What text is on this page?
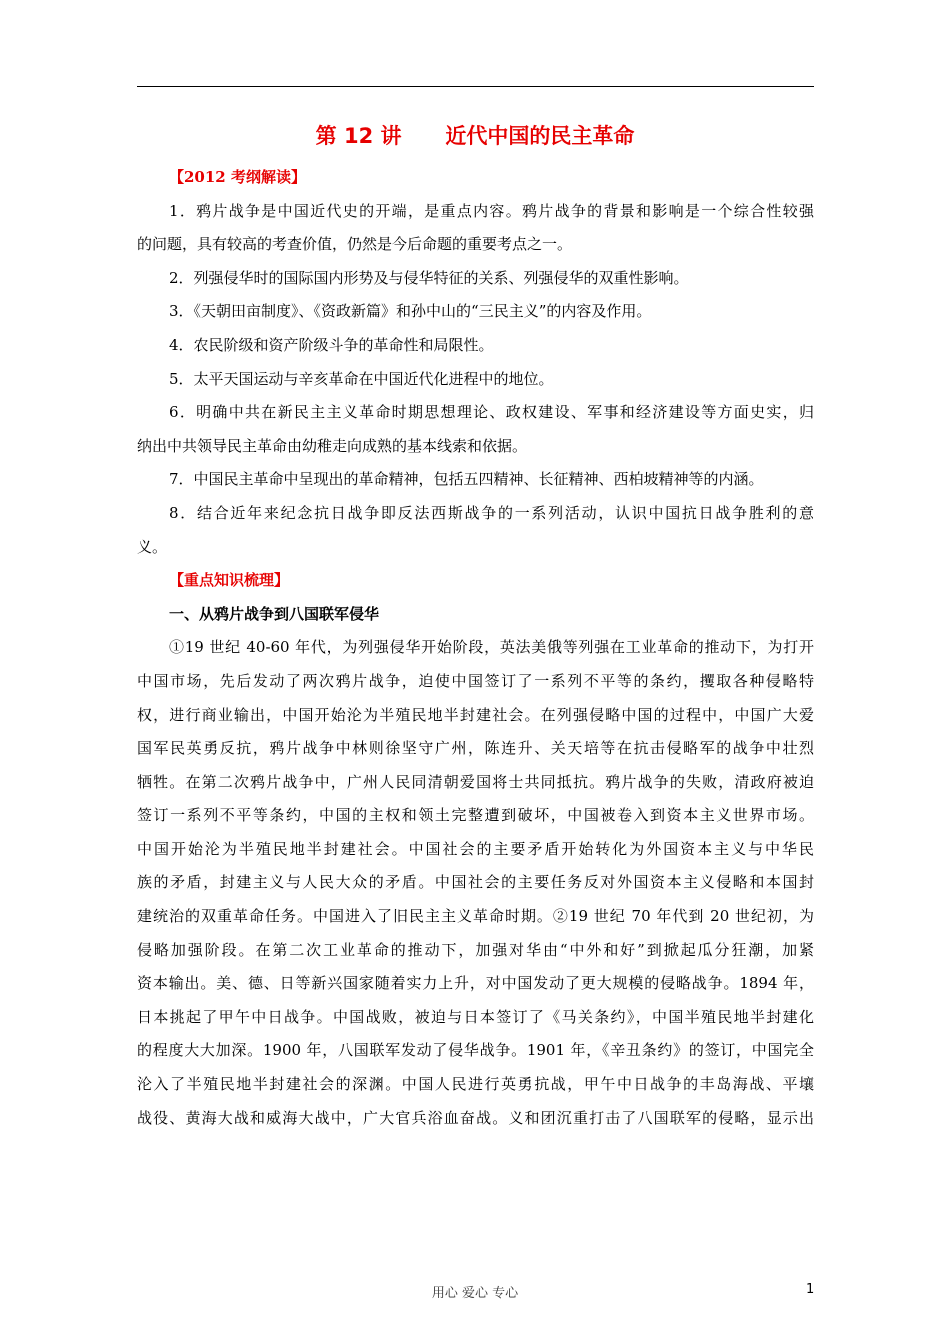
第 12 讲      近代中国的民主革命
【2012 考纲解读】
1．鸦片战争是中国近代史的开端，是重点内容。鸦片战争的背景和影响是一个综合性较强
的问题，具有较高的考查价值，仍然是今后命题的重要考点之一。
2．列强侵华时的国际国内形势及与侵华特征的关系、列强侵华的双重性影响。
3．《天朝田亩制度》、《资政新篇》和孙中山的“三民主义”的内容及作用。
4．农民阶级和资产阶级斗争的革命性和局限性。
5．太平天国运动与辛亥革命在中国近代化进程中的地位。
6．明确中共在新民主主义革命时期思想理论、政权建设、军事和经济建设等方面史实，归
纳出中共领导民主革命由幼稚走向成熟的基本线索和依据。
7．中国民主革命中呈现出的革命精神，包括五四精神、长征精神、西柏坡精神等的内涵。
8．结合近年来纪念抗日战争即反法西斯战争的一系列活动，认识中国抗日战争胜利的意
义。
【重点知识梳理】
一、从鸦片战争到八国联军侵华
①19 世纪 40-60 年代，为列强侵华开始阶段，英法美俄等列强在工业革命的推动下，为打开
中国市场，先后发动了两次鸦片战争，迫使中国签订了一系列不平等的条约，攫取各种侵略特
权，进行商业输出，中国开始沦为半殖民地半封建社会。在列强侵略中国的过程中，中国广大爱
国军民英勇反抗，鸦片战争中林则徐坚守广州，陈连升、关天培等在抗击侵略军的战争中壮烈
牺牲。在第二次鸦片战争中，广州人民同清朝爱国将士共同抵抗。鸦片战争的失败，清政府被迫
签订一系列不平等条约，中国的主权和领土完整遭到破坏，中国被卷入到资本主义世界市场。
中国开始沦为半殖民地半封建社会。中国社会的主要矛盾开始转化为外国资本主义与中华民
族的矛盾，封建主义与人民大众的矛盾。中国社会的主要任务反对外国资本主义侵略和本国封
建统治的双重革命任务。中国进入了旧民主主义革命时期。②19 世纪 70 年代到 20 世纪初，为
侵略加强阶段。在第二次工业革命的推动下，加强对华由“中外和好”到掀起瓜分狂潮，加紧
资本输出。美、德、日等新兴国家随着实力上升，对中国发动了更大规模的侵略战争。1894 年，
日本挑起了甲午中日战争。中国战败，被迫与日本签订了《马关条约》，中国半殖民地半封建化
的程度大大加深。1900 年，八国联军发动了侵华战争。1901 年，《辛丑条约》的签订，中国完全
沦入了半殖民地半封建社会的深渊。中国人民进行英勇抗战，甲午中日战争的丰岛海战、平壤
战役、黄海大战和威海大战中，广大官兵浴血奋战。义和团沉重打击了八国联军的侵略，显示出
用心 爱心 专心	1
